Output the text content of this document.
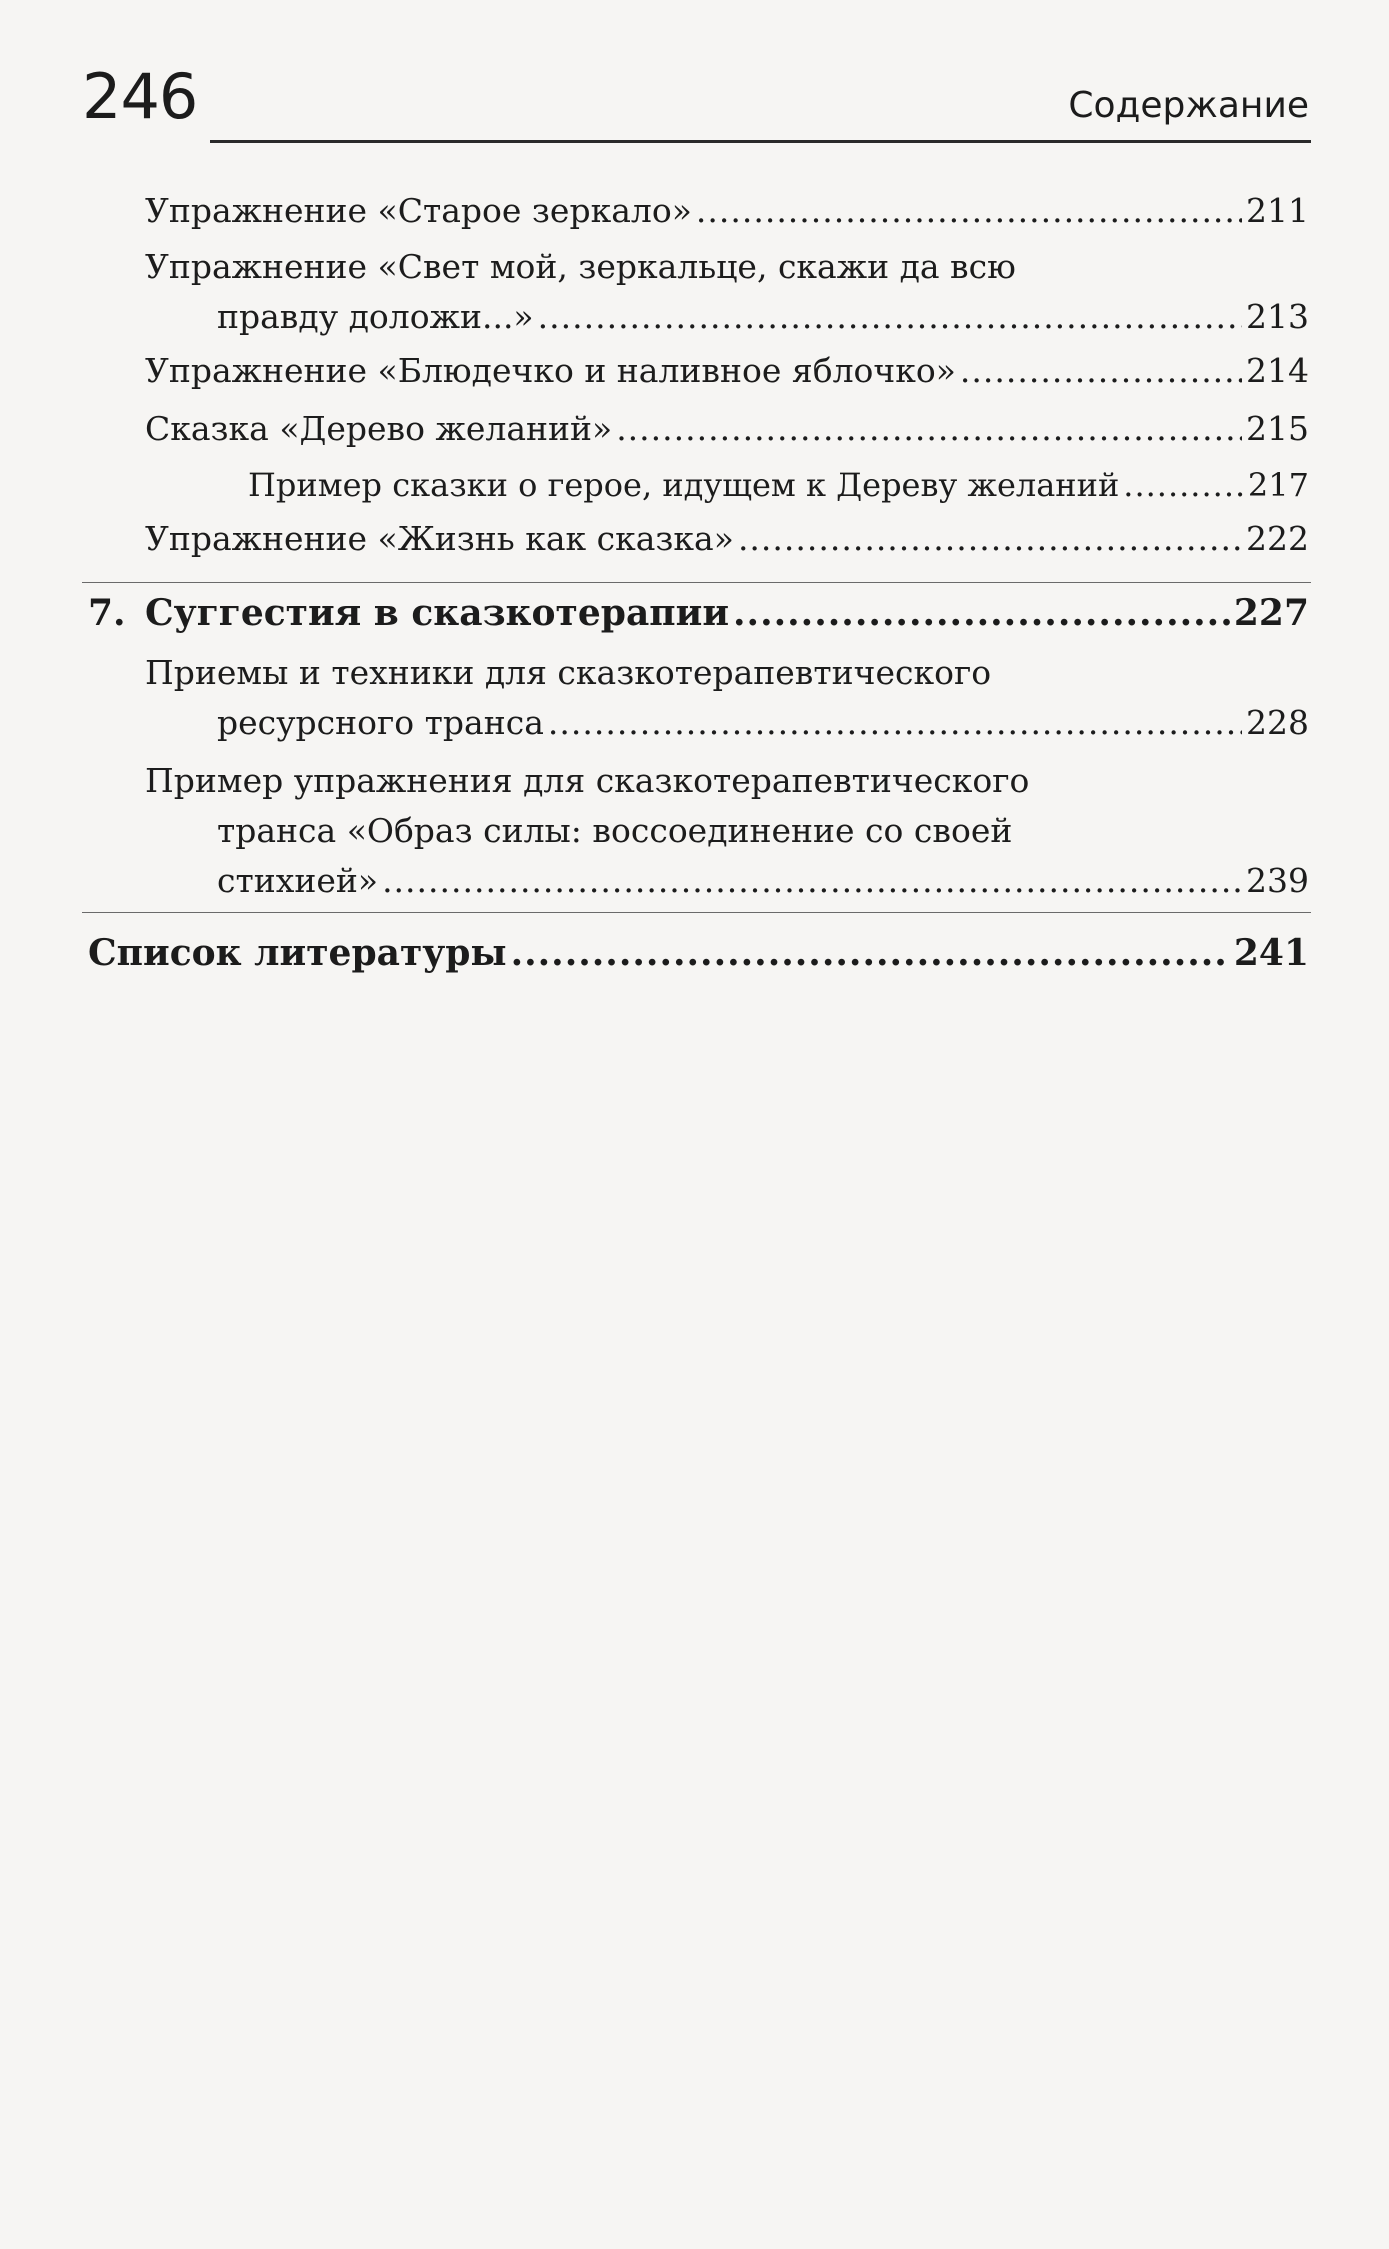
246	Содержание
Упражнение «Старое зеркало» .....	211
Упражнение «Свет мой, зеркальце, скажи да всю
правду доложи...» .....	213
Упражнение «Блюдечко и наливное яблочко» .....	214
Сказка «Дерево желаний» .....	215
Пример сказки о герое, идущем к Дереву желаний .....	217
Упражнение «Жизнь как сказка» .....	222
7. Суггестия в сказкотерапии .....	227
Приемы и техники для сказкотерапевтического
ресурсного транса .....	228
Пример упражнения для сказкотерапевтического
транса «Образ силы: воссоединение со своей
стихией» .....	239
Список литературы .....	241
